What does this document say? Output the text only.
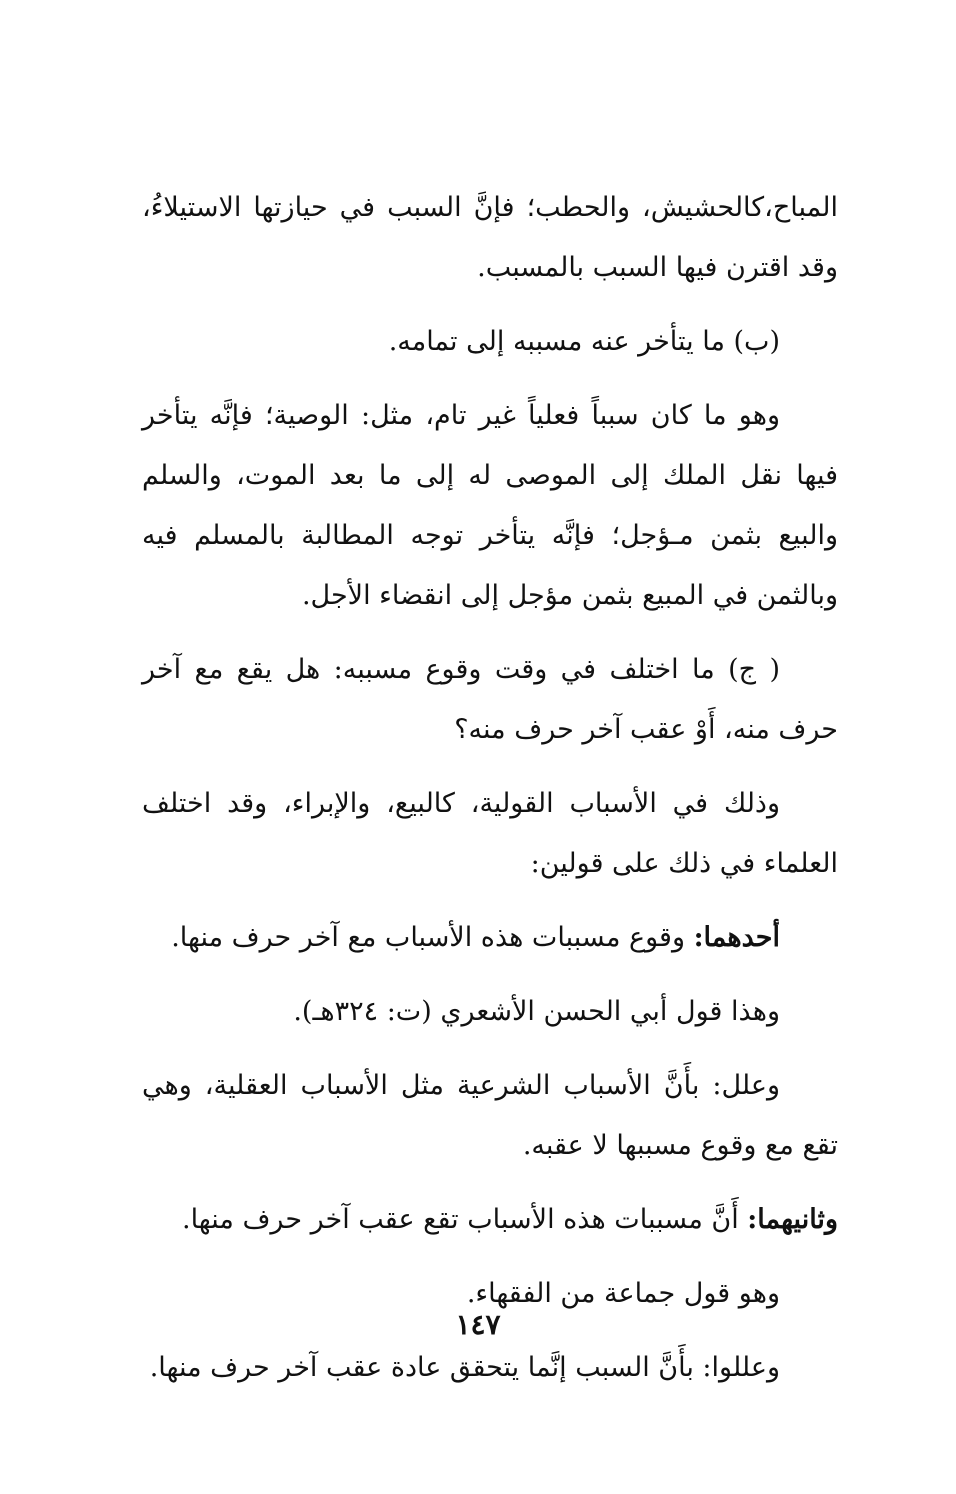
المباح،كالحشيش، والحطب؛ فإنَّ السبب في حيازتها الاستيلاءُ، وقد اقترن فيها السبب بالمسبب.

(ب) ما يتأخر عنه مسببه إلى تمامه.

وهو ما كان سبباً فعلياً غير تام، مثل: الوصية؛ فإنَّه يتأخر فيها نقل الملك إلى الموصى له إلى ما بعد الموت، والسلم والبيع بثمن مـؤجل؛ فإنَّه يتأخر توجه المطالبة بالمسلم فيه وبالثمن في المبيع بثمن مؤجل إلى انقضاء الأجل.

( ج) ما اختلف في وقت وقوع مسببه: هل يقع مع آخر حرف منه، أَوْ عقب آخر حرف منه؟

وذلك في الأسباب القولية، كالبيع، والإبراء، وقد اختلف العلماء في ذلك على قولين:

أحدهما: وقوع مسببات هذه الأسباب مع آخر حرف منها.

وهذا قول أبي الحسن الأشعري (ت: ٣٢٤هـ).

وعلل: بأَنَّ الأسباب الشرعية مثل الأسباب العقلية، وهي تقع مع وقوع مسببها لا عقبه.

وثانيهما: أَنَّ مسببات هذه الأسباب تقع عقب آخر حرف منها.

وهو قول جماعة من الفقهاء.

وعللوا: بأَنَّ السبب إنَّما يتحقق عادة عقب آخر حرف منها.

١٤٧
